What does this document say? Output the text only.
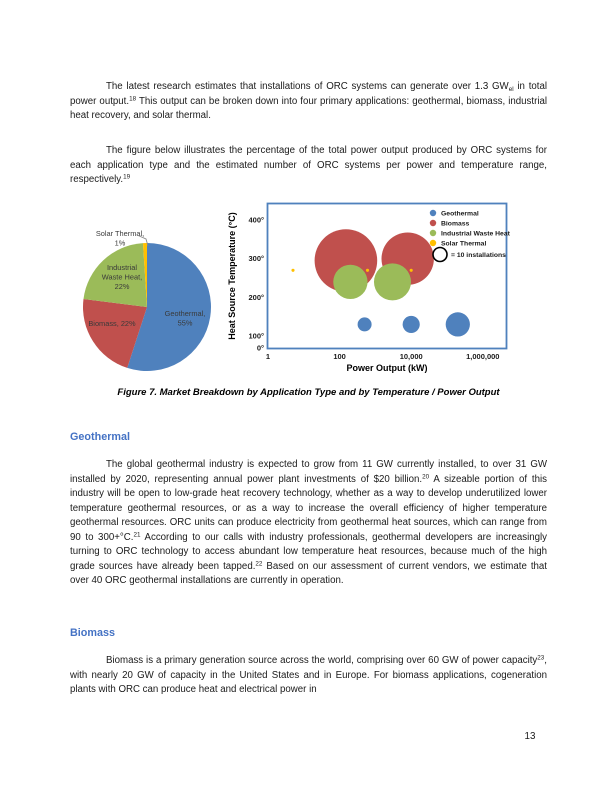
The latest research estimates that installations of ORC systems can generate over 1.3 $GW_{el}$ in total power output.$^{18}$ This output can be broken down into four primary applications: geothermal, biomass, industrial heat recovery, and solar thermal.

The figure below illustrates the percentage of the total power output produced by ORC systems for each application type and the estimated number of ORC systems per power and temperature range, respectively.$^{19}$

Geothermal,
55%
Biomass, 22%
Industrial
Waste Heat,
22%
Solar Thermal,
1%
400°
300°
200°
100°
0°
1	100	10,000	1,000,000
Power Output (kW)
Heat Source Temperature (°C)	Geothermal
Biomass
Industrial Waste Heat
Solar Thermal
= 10 installations

Figure 7. Market Breakdown by Application Type and by Temperature / Power Output

Geothermal

The global geothermal industry is expected to grow from 11 GW currently installed, to over 31 GW installed by 2020, representing annual power plant investments of $20 billion.$^{20}$ A sizeable portion of this industry will be open to low-grade heat recovery technology, whether as a way to develop underutilized lower temperature geothermal resources, or as a way to increase the overall efficiency of higher temperature geothermal resources. ORC units can produce electricity from geothermal heat sources, which can range from 90 to 300+°C.$^{21}$ According to our calls with industry professionals, geothermal developers are increasingly turning to ORC technology to access abundant low temperature heat resources, because much of the high grade sources have already been tapped.$^{22}$ Based on our assessment of current vendors, we estimate that over 40 ORC geothermal installations are currently in operation.

Biomass

Biomass is a primary generation source across the world, comprising over 60 GW of power capacity$^{23}$, with nearly 20 GW of capacity in the United States and in Europe. For biomass applications, cogeneration plants with ORC can produce heat and electrical power in

13
